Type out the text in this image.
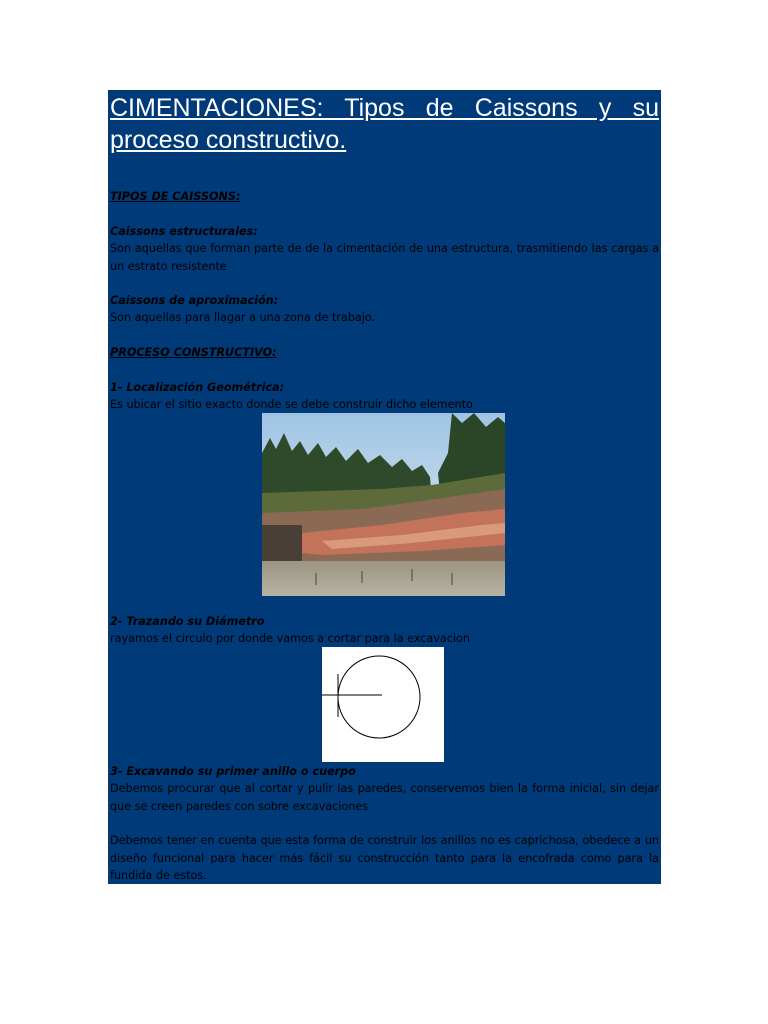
CIMENTACIONES: Tipos de Caissons y su proceso constructivo.
TIPOS DE CAISSONS:
Caissons estructurales:
Son aquellas que forman parte de de la cimentación de una estructura, trasmitiendo las cargas a un estrato resistente
Caissons de aproximación:
Son aquellas para llagar a una zona de trabajo.
PROCESO CONSTRUCTIVO:
1- Localización Geométrica:
Es ubicar el sitio exacto donde se debe construir dicho elemento
2- Trazando su Diámetro
rayamos el circulo por donde vamos a cortar para la excavacion
3- Excavando su primer anillo o cuerpo
Debemos procurar que al cortar y pulir las paredes, conservemos bien la forma inicial, sin dejar que se creen paredes con sobre excavaciones
Debemos tener en cuenta que esta forma de construir los anillos no es caprichosa, obedece a un diseño funcional para hacer más fácil su construcción tanto para la encofrada como para la fundida de estos.
